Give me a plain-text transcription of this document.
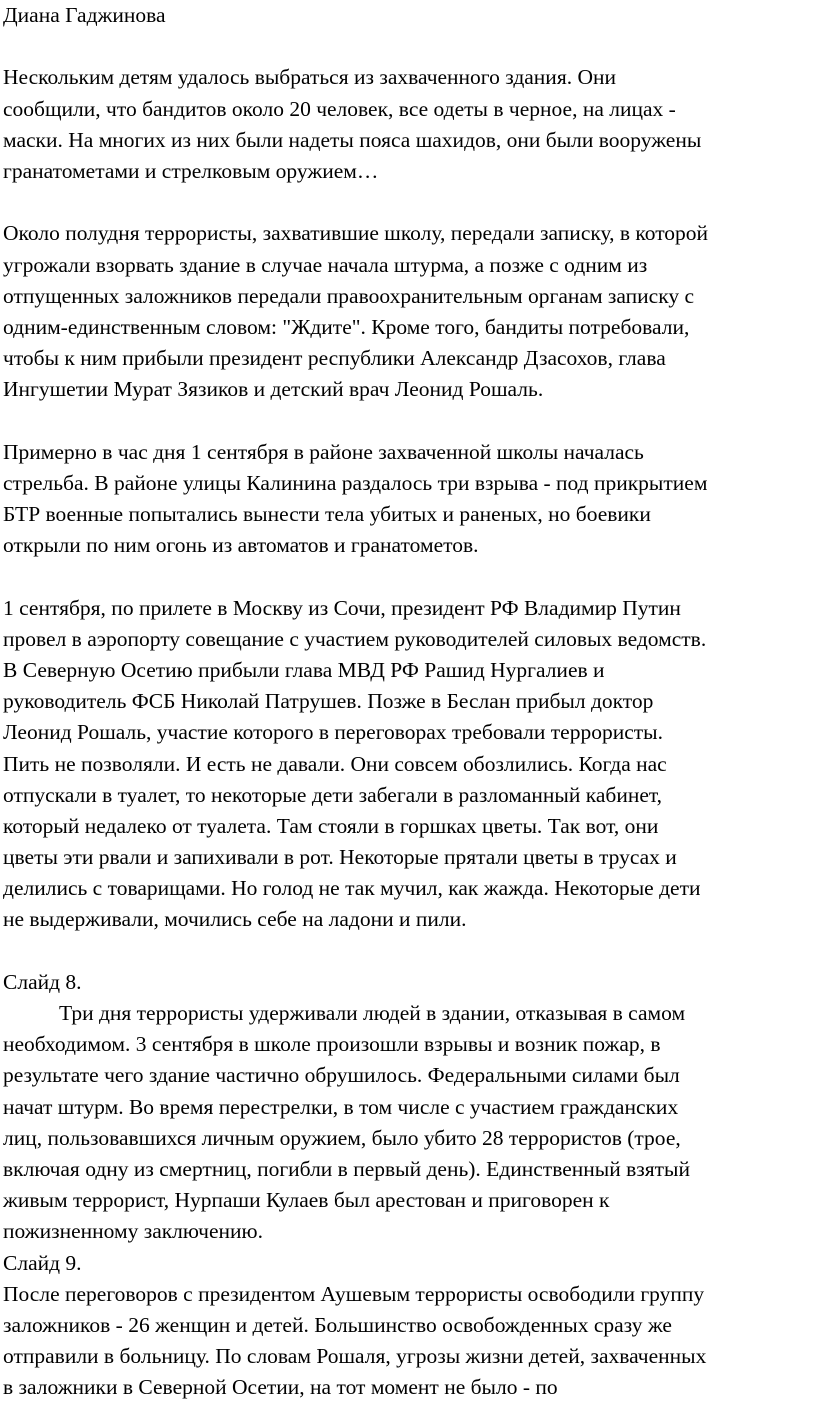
Диана Гаджинова
Нескольким детям удалось выбраться из захваченного здания. Они
сообщили, что бандитов около 20 человек, все одеты в черное, на лицах -
маски. На многих из них были надеты пояса шахидов, они были вооружены
гранатометами и стрелковым оружием…
Около полудня террористы, захватившие школу, передали записку, в которой
угрожали взорвать здание в случае начала штурма, а позже с одним из
отпущенных заложников передали правоохранительным органам записку с
одним-единственным словом: "Ждите". Кроме того, бандиты потребовали,
чтобы к ним прибыли президент республики Александр Дзасохов, глава
Ингушетии Мурат Зязиков и детский врач Леонид Рошаль.
Примерно в час дня 1 сентября в районе захваченной школы началась
стрельба. В районе улицы Калинина раздалось три взрыва - под прикрытием
БТР военные попытались вынести тела убитых и раненых, но боевики
открыли по ним огонь из автоматов и гранатометов.
1 сентября, по прилете в Москву из Сочи, президент РФ Владимир Путин
провел в аэропорту совещание с участием руководителей силовых ведомств.
В Северную Осетию прибыли глава МВД РФ Рашид Нургалиев и
руководитель ФСБ Николай Патрушев. Позже в Беслан прибыл доктор
Леонид Рошаль, участие которого в переговорах требовали террористы.
Пить не позволяли. И есть не давали. Они совсем обозлились. Когда нас
отпускали в туалет, то некоторые дети забегали в разломанный кабинет,
который недалеко от туалета. Там стояли в горшках цветы. Так вот, они
цветы эти рвали и запихивали в рот. Некоторые прятали цветы в трусах и
делились с товарищами. Но голод не так мучил, как жажда. Некоторые дети
не выдерживали, мочились себе на ладони и пили.
Слайд 8.
Три дня террористы удерживали людей в здании, отказывая в самом
необходимом. 3 сентября в школе произошли взрывы и возник пожар, в
результате чего здание частично обрушилось. Федеральными силами был
начат штурм. Во время перестрелки, в том числе с участием гражданских
лиц, пользовавшихся личным оружием, было убито 28 террористов (трое,
включая одну из смертниц, погибли в первый день). Единственный взятый
живым террорист, Нурпаши Кулаев был арестован и приговорен к
пожизненному заключению.
Слайд 9.
После переговоров с президентом Аушевым террористы освободили группу
заложников - 26 женщин и детей. Большинство освобожденных сразу же
отправили в больницу. По словам Рошаля, угрозы жизни детей, захваченных
в заложники в Северной Осетии, на тот момент не было - по
